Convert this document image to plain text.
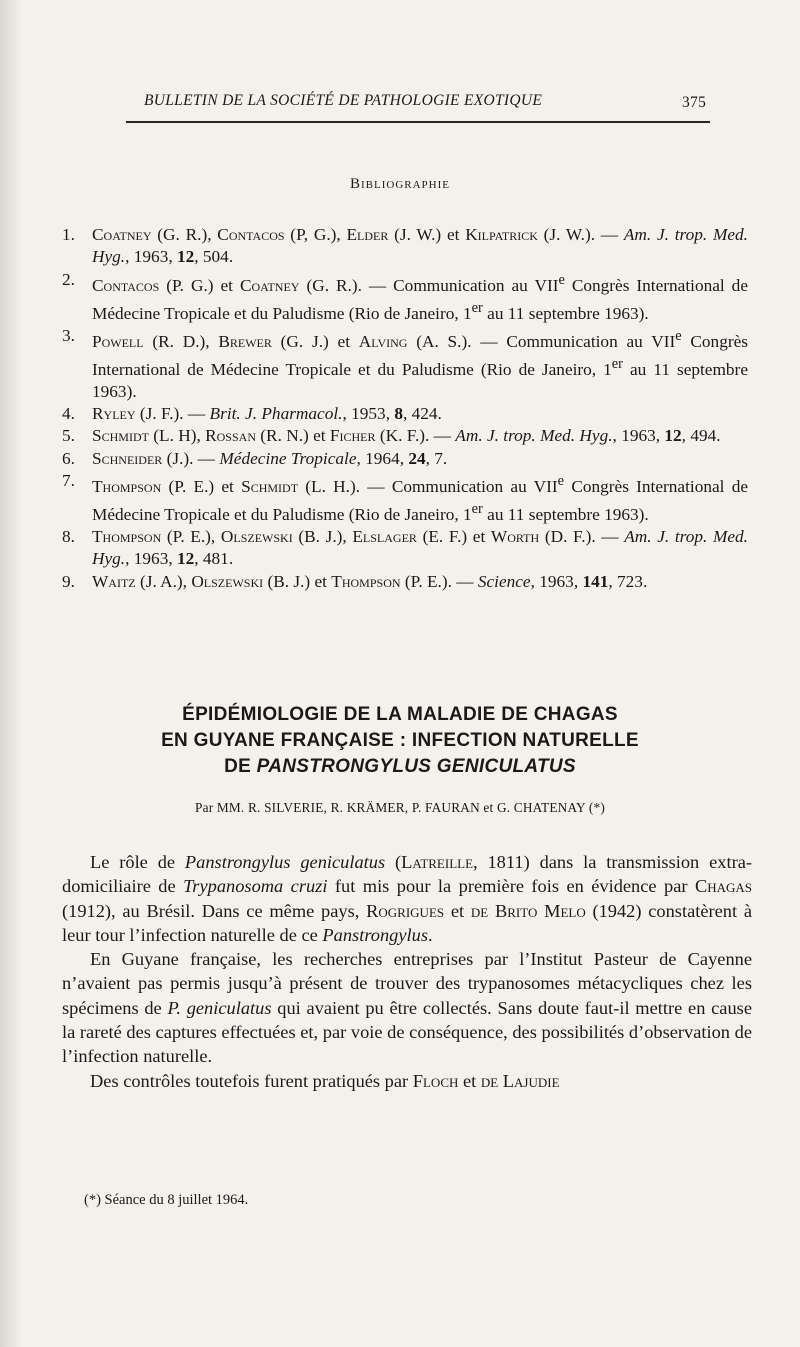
BULLETIN DE LA SOCIÉTÉ DE PATHOLOGIE EXOTIQUE	375
Bibliographie
1. Coatney (G. R.), Contacos (P, G.), Elder (J. W.) et Kilpatrick (J. W.). — Am. J. trop. Med. Hyg., 1963, 12, 504.
2. Contacos (P. G.) et Coatney (G. R.). — Communication au VIIe Congrès International de Médecine Tropicale et du Paludisme (Rio de Janeiro, 1er au 11 septembre 1963).
3. Powell (R. D.), Brewer (G. J.) et Alving (A. S.). — Communication au VIIe Congrès International de Médecine Tropicale et du Paludisme (Rio de Janeiro, 1er au 11 septembre 1963).
4. Ryley (J. F.). — Brit. J. Pharmacol., 1953, 8, 424.
5. Schmidt (L. H), Rossan (R. N.) et Ficher (K. F.). — Am. J. trop. Med. Hyg., 1963, 12, 494.
6. Schneider (J.). — Médecine Tropicale, 1964, 24, 7.
7. Thompson (P. E.) et Schmidt (L. H.). — Communication au VIIe Congrès International de Médecine Tropicale et du Paludisme (Rio de Janeiro, 1er au 11 septembre 1963).
8. Thompson (P. E.), Olszewski (B. J.), Elslager (E. F.) et Worth (D. F.). — Am. J. trop. Med. Hyg., 1963, 12, 481.
9. Waitz (J. A.), Olszewski (B. J.) et Thompson (P. E.). — Science, 1963, 141, 723.
ÉPIDÉMIOLOGIE DE LA MALADIE DE CHAGAS
EN GUYANE FRANÇAISE : INFECTION NATURELLE
DE PANSTRONGYLUS GENICULATUS
Par MM. R. SILVERIE, R. KRÄMER, P. FAURAN et G. CHATENAY (*)

Le rôle de Panstrongylus geniculatus (Latreille, 1811) dans la transmission extra-domiciliaire de Trypanosoma cruzi fut mis pour la première fois en évidence par Chagas (1912), au Brésil. Dans ce même pays, Rogrigues et de Brito Melo (1942) constatèrent à leur tour l’infection naturelle de ce Panstrongylus.

En Guyane française, les recherches entreprises par l’Institut Pasteur de Cayenne n’avaient pas permis jusqu’à présent de trouver des trypanosomes métacycliques chez les spécimens de P. geniculatus qui avaient pu être collectés. Sans doute faut-il mettre en cause la rareté des captures effectuées et, par voie de conséquence, des possibilités d’observation de l’infection naturelle.

Des contrôles toutefois furent pratiqués par Floch et de Lajudie

(*) Séance du 8 juillet 1964.
